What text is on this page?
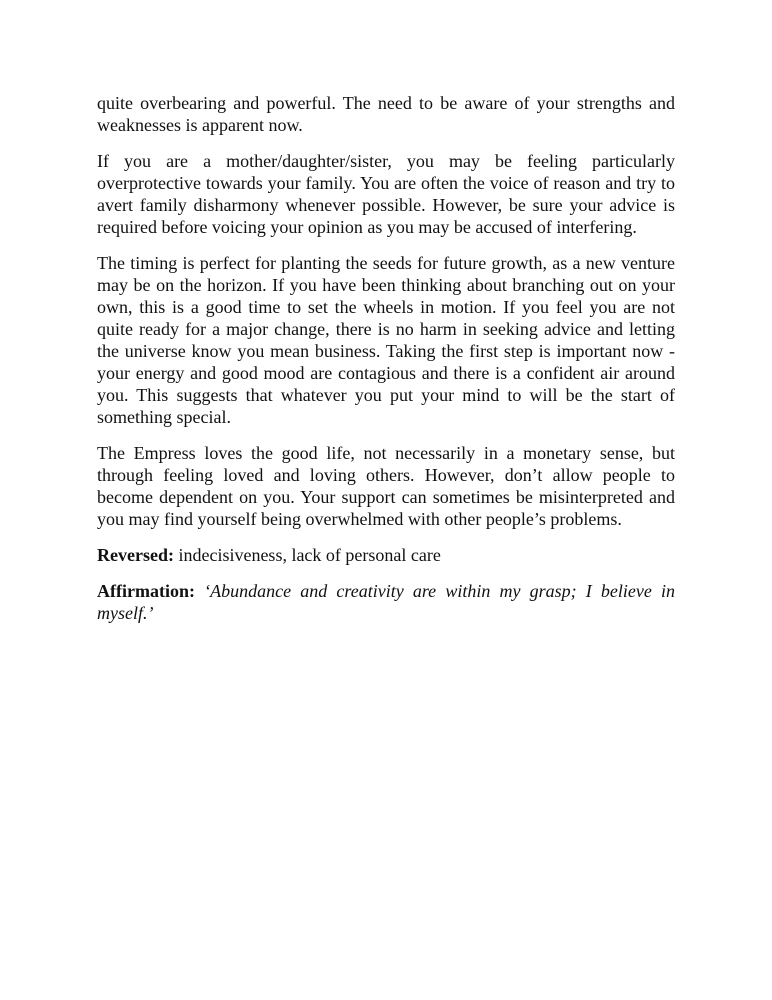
quite overbearing and powerful. The need to be aware of your strengths and weaknesses is apparent now.

If you are a mother/daughter/sister, you may be feeling particularly overprotective towards your family. You are often the voice of reason and try to avert family disharmony whenever possible. However, be sure your advice is required before voicing your opinion as you may be accused of interfering.

The timing is perfect for planting the seeds for future growth, as a new venture may be on the horizon. If you have been thinking about branching out on your own, this is a good time to set the wheels in motion. If you feel you are not quite ready for a major change, there is no harm in seeking advice and letting the universe know you mean business. Taking the first step is important now - your energy and good mood are contagious and there is a confident air around you. This suggests that whatever you put your mind to will be the start of something special.

The Empress loves the good life, not necessarily in a monetary sense, but through feeling loved and loving others. However, don’t allow people to become dependent on you. Your support can sometimes be misinterpreted and you may find yourself being overwhelmed with other people’s problems.

Reversed: indecisiveness, lack of personal care

Affirmation: ‘Abundance and creativity are within my grasp; I believe in myself.’
